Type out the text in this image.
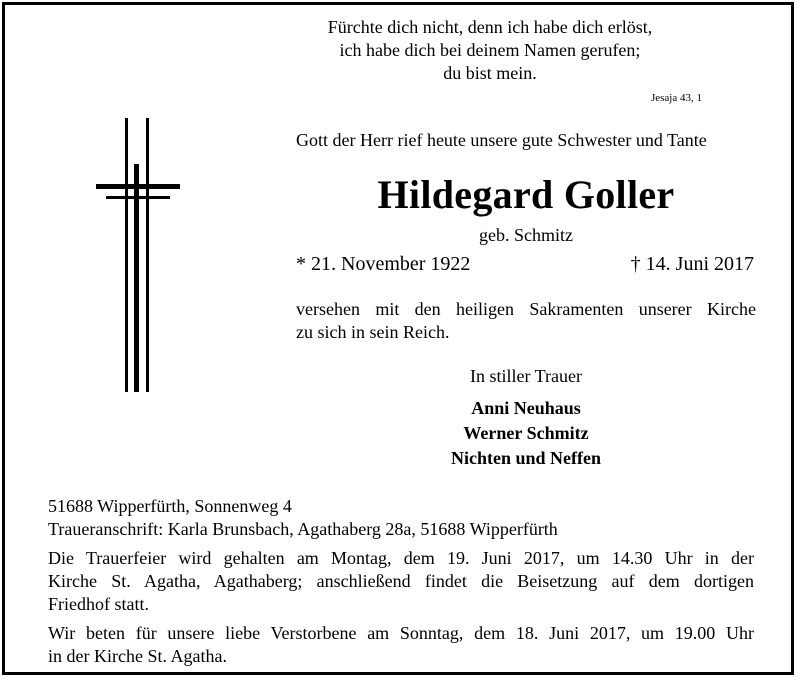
Fürchte dich nicht, denn ich habe dich erlöst,
ich habe dich bei deinem Namen gerufen;
du bist mein.
Jesaja 43, 1
Gott der Herr rief heute unsere gute Schwester und Tante
Hildegard Goller
geb. Schmitz
* 21. November 1922	† 14. Juni 2017
versehen mit den heiligen Sakramenten unserer Kirche
zu sich in sein Reich.
In stiller Trauer
Anni Neuhaus
Werner Schmitz
Nichten und Neffen
51688 Wipperfürth, Sonnenweg 4
Traueranschrift: Karla Brunsbach, Agathaberg 28a, 51688 Wipperfürth
Die Trauerfeier wird gehalten am Montag, dem 19. Juni 2017, um 14.30 Uhr in der
Kirche St. Agatha, Agathaberg; anschließend findet die Beisetzung auf dem dortigen
Friedhof statt.
Wir beten für unsere liebe Verstorbene am Sonntag, dem 18. Juni 2017, um 19.00 Uhr
in der Kirche St. Agatha.
